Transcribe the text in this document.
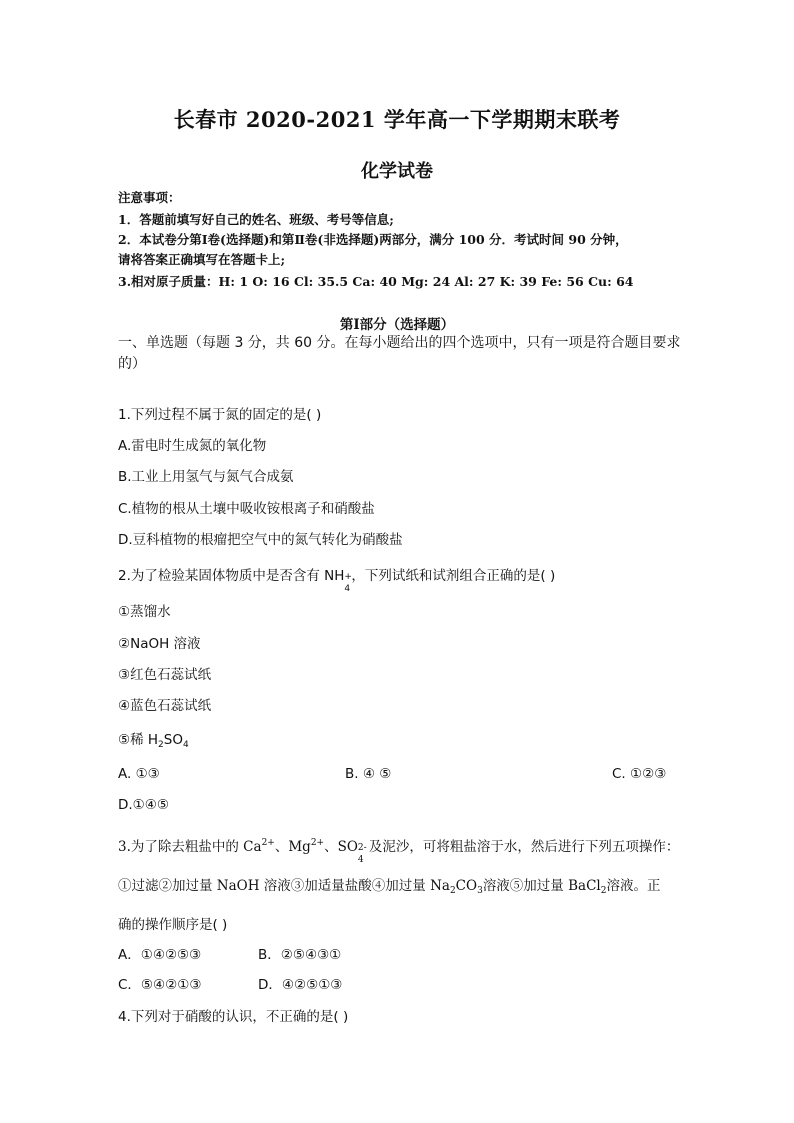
长春市 2020-2021 学年高一下学期期末联考
化学试卷
注意事项：
1．答题前填写好自己的姓名、班级、考号等信息;
2．本试卷分第Ⅰ卷(选择题)和第Ⅱ卷(非选择题)两部分，满分 100 分．考试时间 90 分钟，
请将答案正确填写在答题卡上;
3.相对原子质量：H: 1 O: 16 Cl: 35.5 Ca: 40 Mg: 24 Al: 27 K: 39 Fe: 56 Cu: 64
第Ⅰ部分（选择题）
一、单选题（每题 3 分，共 60 分。在每小题给出的四个选项中，只有一项是符合题目要求的）
1.下列过程不属于氮的固定的是( )
A.雷电时生成氮的氧化物
B.工业上用氢气与氮气合成氨
C.植物的根从土壤中吸收铵根离子和硝酸盐
D.豆科植物的根瘤把空气中的氮气转化为硝酸盐
2.为了检验某固体物质中是否含有 NH +
4
，下列试纸和试剂组合正确的是( )
①蒸馏水
②NaOH 溶液
③红色石蕊试纸
④蓝色石蕊试纸
⑤稀 $H_2SO_4$
A. ①③	B. ④ ⑤	C. ①②③
D.①④⑤
3.为了除去粗盐中的 $Ca^{2+}$、$Mg^{2+}$、SO 2-
4
及泥沙，可将粗盐溶于水，然后进行下列五项操作：
①过滤②加过量 NaOH 溶液③加适量盐酸④加过量 $Na_2CO_3$溶液⑤加过量 BaCl$_2$溶液。正
确的操作顺序是( )
A．①④②⑤③	B．②⑤④③①
C．⑤④②①③	D．④②⑤①③
4.下列对于硝酸的认识，不正确的是( )
